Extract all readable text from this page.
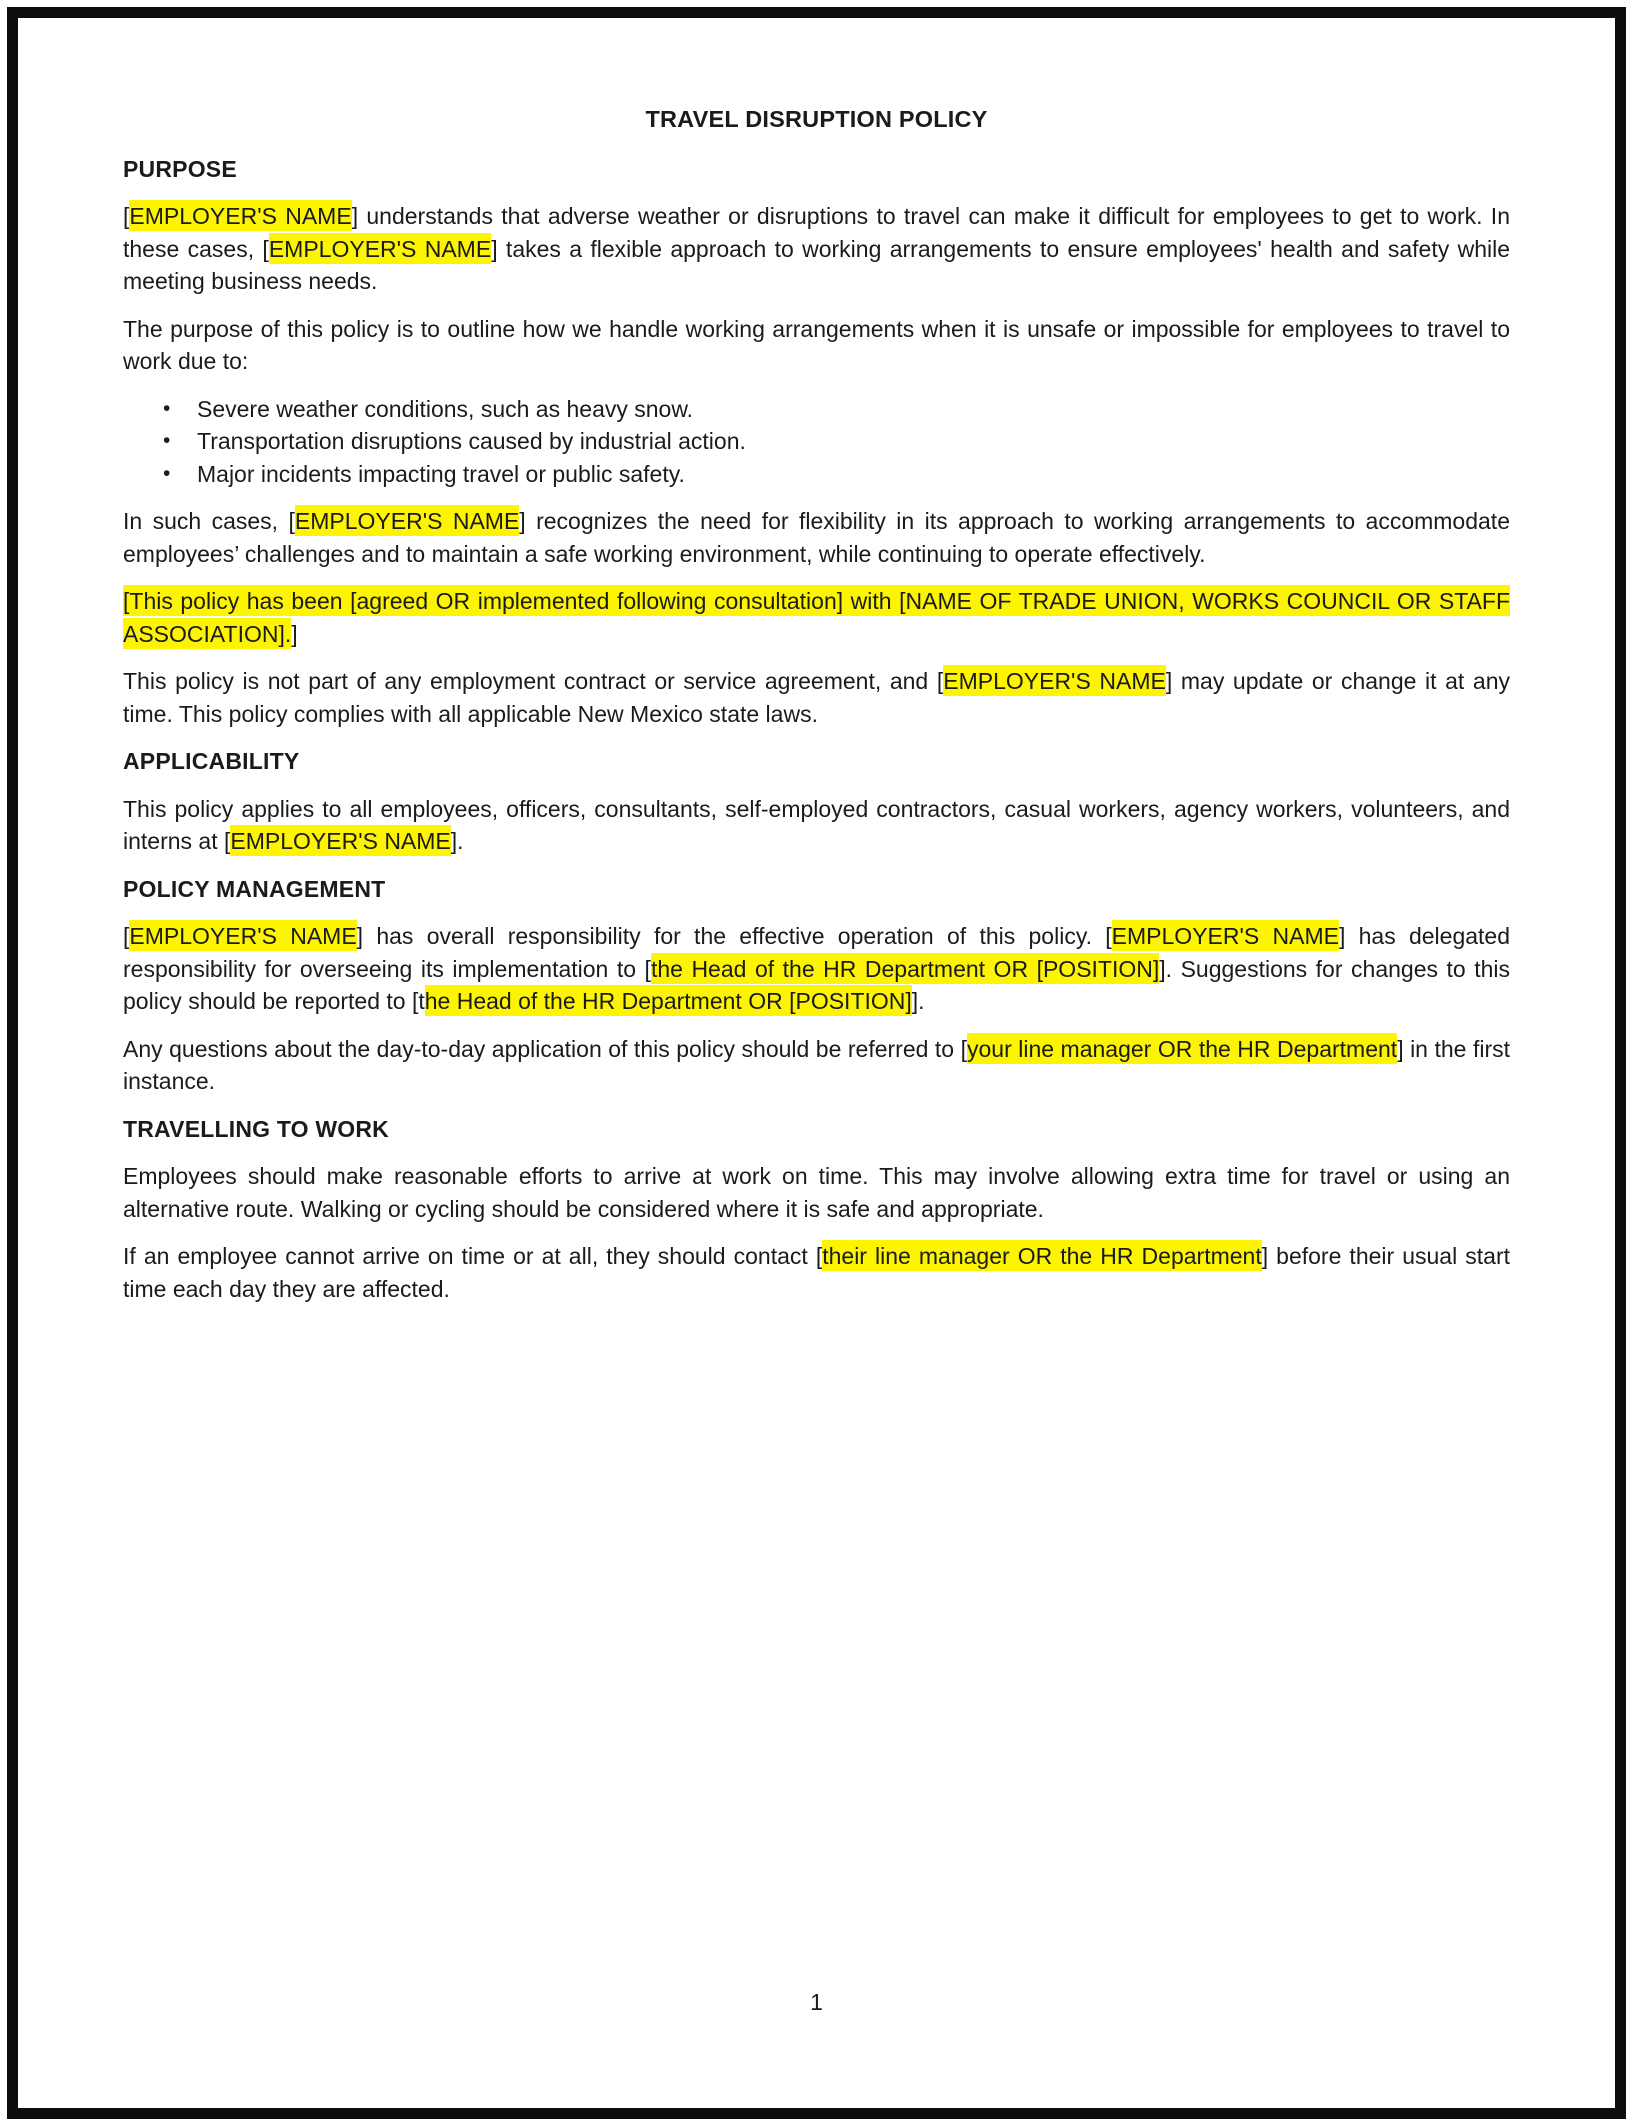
TRAVEL DISRUPTION POLICY
PURPOSE

[EMPLOYER'S NAME] understands that adverse weather or disruptions to travel can make it difficult for employees to get to work. In these cases, [EMPLOYER'S NAME] takes a flexible approach to working arrangements to ensure employees' health and safety while meeting business needs.

The purpose of this policy is to outline how we handle working arrangements when it is unsafe or impossible for employees to travel to work due to:

• Severe weather conditions, such as heavy snow.
• Transportation disruptions caused by industrial action.
• Major incidents impacting travel or public safety.

In such cases, [EMPLOYER'S NAME] recognizes the need for flexibility in its approach to working arrangements to accommodate employees’ challenges and to maintain a safe working environment, while continuing to operate effectively.

[This policy has been [agreed OR implemented following consultation] with [NAME OF TRADE UNION, WORKS COUNCIL OR STAFF ASSOCIATION].]

This policy is not part of any employment contract or service agreement, and [EMPLOYER'S NAME] may update or change it at any time. This policy complies with all applicable New Mexico state laws.

APPLICABILITY

This policy applies to all employees, officers, consultants, self-employed contractors, casual workers, agency workers, volunteers, and interns at [EMPLOYER'S NAME].

POLICY MANAGEMENT

[EMPLOYER'S NAME] has overall responsibility for the effective operation of this policy. [EMPLOYER'S NAME] has delegated responsibility for overseeing its implementation to [the Head of the HR Department OR [POSITION]]. Suggestions for changes to this policy should be reported to [the Head of the HR Department OR [POSITION]].

Any questions about the day-to-day application of this policy should be referred to [your line manager OR the HR Department] in the first instance.

TRAVELLING TO WORK

Employees should make reasonable efforts to arrive at work on time. This may involve allowing extra time for travel or using an alternative route. Walking or cycling should be considered where it is safe and appropriate.

If an employee cannot arrive on time or at all, they should contact [their line manager OR the HR Department] before their usual start time each day they are affected.

1
